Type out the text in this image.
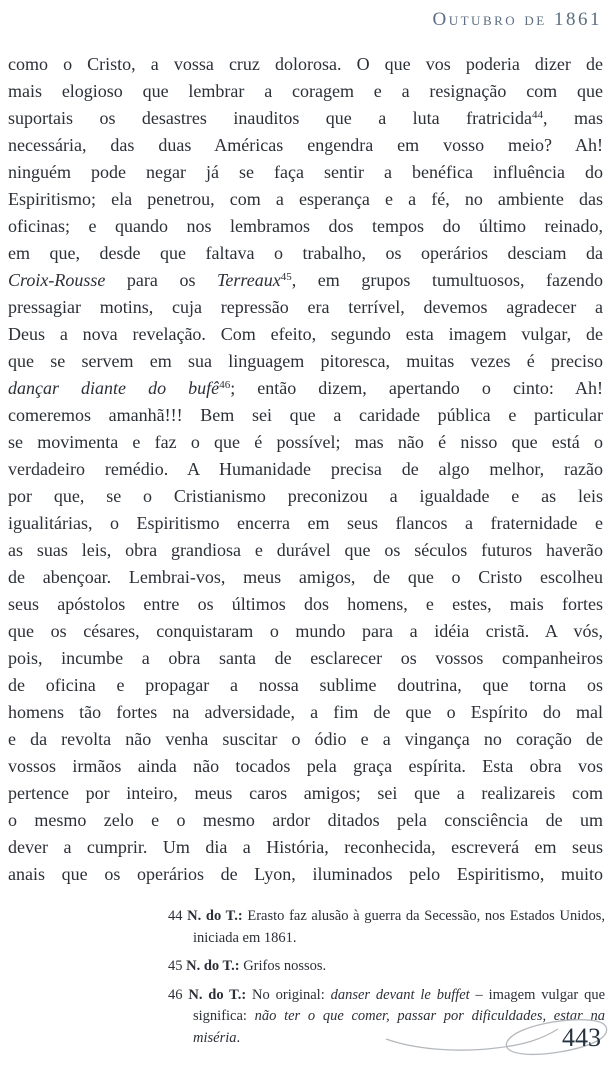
Outubro de 1861
como o Cristo, a vossa cruz dolorosa. O que vos poderia dizer de
mais elogioso que lembrar a coragem e a resignação com que
suportais os desastres inauditos que a luta fratricida$^{44}$, mas
necessária, das duas Américas engendra em vosso meio? Ah!
ninguém pode negar já se faça sentir a benéfica influência do
Espiritismo; ela penetrou, com a esperança e a fé, no ambiente das
oficinas; e quando nos lembramos dos tempos do último reinado,
em que, desde que faltava o trabalho, os operários desciam da
Croix-Rousse para os Terreaux$^{45}$, em grupos tumultuosos, fazendo
pressagiar motins, cuja repressão era terrível, devemos agradecer a
Deus a nova revelação. Com efeito, segundo esta imagem vulgar, de
que se servem em sua linguagem pitoresca, muitas vezes é preciso
dançar diante do bufê$^{46}$; então dizem, apertando o cinto: Ah!
comeremos amanhã!!! Bem sei que a caridade pública e particular
se movimenta e faz o que é possível; mas não é nisso que está o
verdadeiro remédio. A Humanidade precisa de algo melhor, razão
por que, se o Cristianismo preconizou a igualdade e as leis
igualitárias, o Espiritismo encerra em seus flancos a fraternidade e
as suas leis, obra grandiosa e durável que os séculos futuros haverão
de abençoar. Lembrai-vos, meus amigos, de que o Cristo escolheu
seus apóstolos entre os últimos dos homens, e estes, mais fortes
que os césares, conquistaram o mundo para a idéia cristã. A vós,
pois, incumbe a obra santa de esclarecer os vossos companheiros
de oficina e propagar a nossa sublime doutrina, que torna os
homens tão fortes na adversidade, a fim de que o Espírito do mal
e da revolta não venha suscitar o ódio e a vingança no coração de
vossos irmãos ainda não tocados pela graça espírita. Esta obra vos
pertence por inteiro, meus caros amigos; sei que a realizareis com
o mesmo zelo e o mesmo ardor ditados pela consciência de um
dever a cumprir. Um dia a História, reconhecida, escreverá em seus
anais que os operários de Lyon, iluminados pelo Espiritismo, muito
44 N. do T.: Erasto faz alusão à guerra da Secessão, nos Estados Unidos, iniciada em 1861.
45 N. do T.: Grifos nossos.
46 N. do T.: No original: danser devant le buffet – imagem vulgar que significa: não ter o que comer, passar por dificuldades, estar na miséria.	443
